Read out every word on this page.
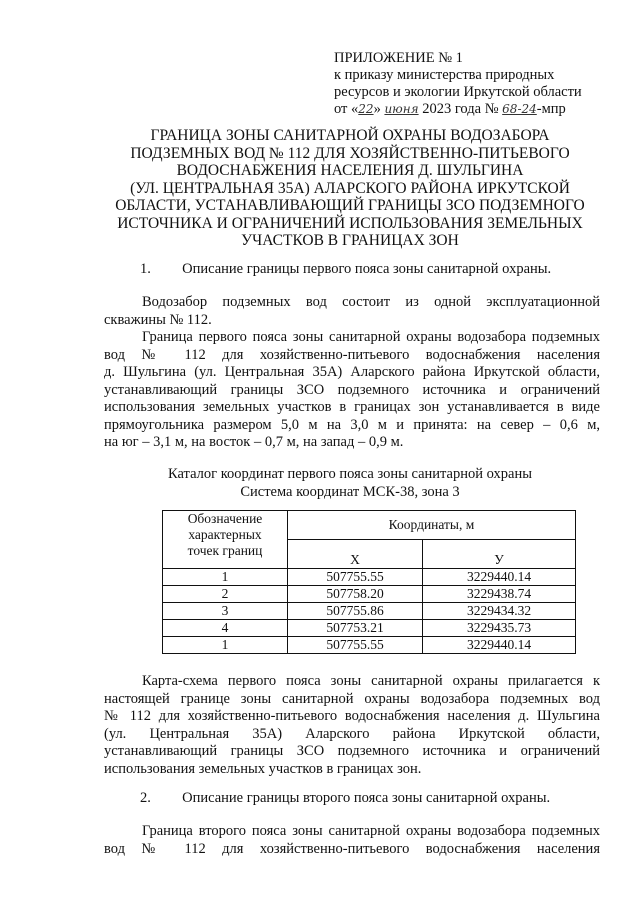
ПРИЛОЖЕНИЕ № 1
к приказу министерства природных
ресурсов и экологии Иркутской области
от «22» июня 2023 года № 68-24-мпр
ГРАНИЦА ЗОНЫ САНИТАРНОЙ ОХРАНЫ ВОДОЗАБОРА
ПОДЗЕМНЫХ ВОД № 112 ДЛЯ ХОЗЯЙСТВЕННО-ПИТЬЕВОГО
ВОДОСНАБЖЕНИЯ НАСЕЛЕНИЯ Д. ШУЛЬГИНА
(УЛ. ЦЕНТРАЛЬНАЯ 35А) АЛАРСКОГО РАЙОНА ИРКУТСКОЙ
ОБЛАСТИ, УСТАНАВЛИВАЮЩИЙ ГРАНИЦЫ ЗСО ПОДЗЕМНОГО
ИСТОЧНИКА И ОГРАНИЧЕНИЙ ИСПОЛЬЗОВАНИЯ ЗЕМЕЛЬНЫХ
УЧАСТКОВ В ГРАНИЦАХ ЗОН
1. Описание границы первого пояса зоны санитарной охраны.
Водозабор подземных вод состоит из одной эксплуатационной
скважины № 112.
Граница первого пояса зоны санитарной охраны водозабора подземных
вод № 112 для хозяйственно-питьевого водоснабжения населения
д. Шульгина (ул. Центральная 35А) Аларского района Иркутской области,
устанавливающий границы ЗСО подземного источника и ограничений
использования земельных участков в границах зон устанавливается в виде
прямоугольника размером 5,0 м на 3,0 м и принята: на север – 0,6 м,
на юг – 3,1 м, на восток – 0,7 м, на запад – 0,9 м.
Каталог координат первого пояса зоны санитарной охраны
Система координат МСК-38, зона 3
Обозначение
характерных
точек границ	Координаты, м	
	Х	У
1	507755.55	3229440.14
2	507758.20	3229438.74
3	507755.86	3229434.32
4	507753.21	3229435.73
1	507755.55	3229440.14
Карта-схема первого пояса зоны санитарной охраны прилагается к
настоящей границе зоны санитарной охраны водозабора подземных вод
№ 112 для хозяйственно-питьевого водоснабжения населения д. Шульгина
(ул. Центральная 35А) Аларского района Иркутской области,
устанавливающий границы ЗСО подземного источника и ограничений
использования земельных участков в границах зон.
2. Описание границы второго пояса зоны санитарной охраны.
Граница второго пояса зоны санитарной охраны водозабора подземных
вод № 112 для хозяйственно-питьевого водоснабжения населения
